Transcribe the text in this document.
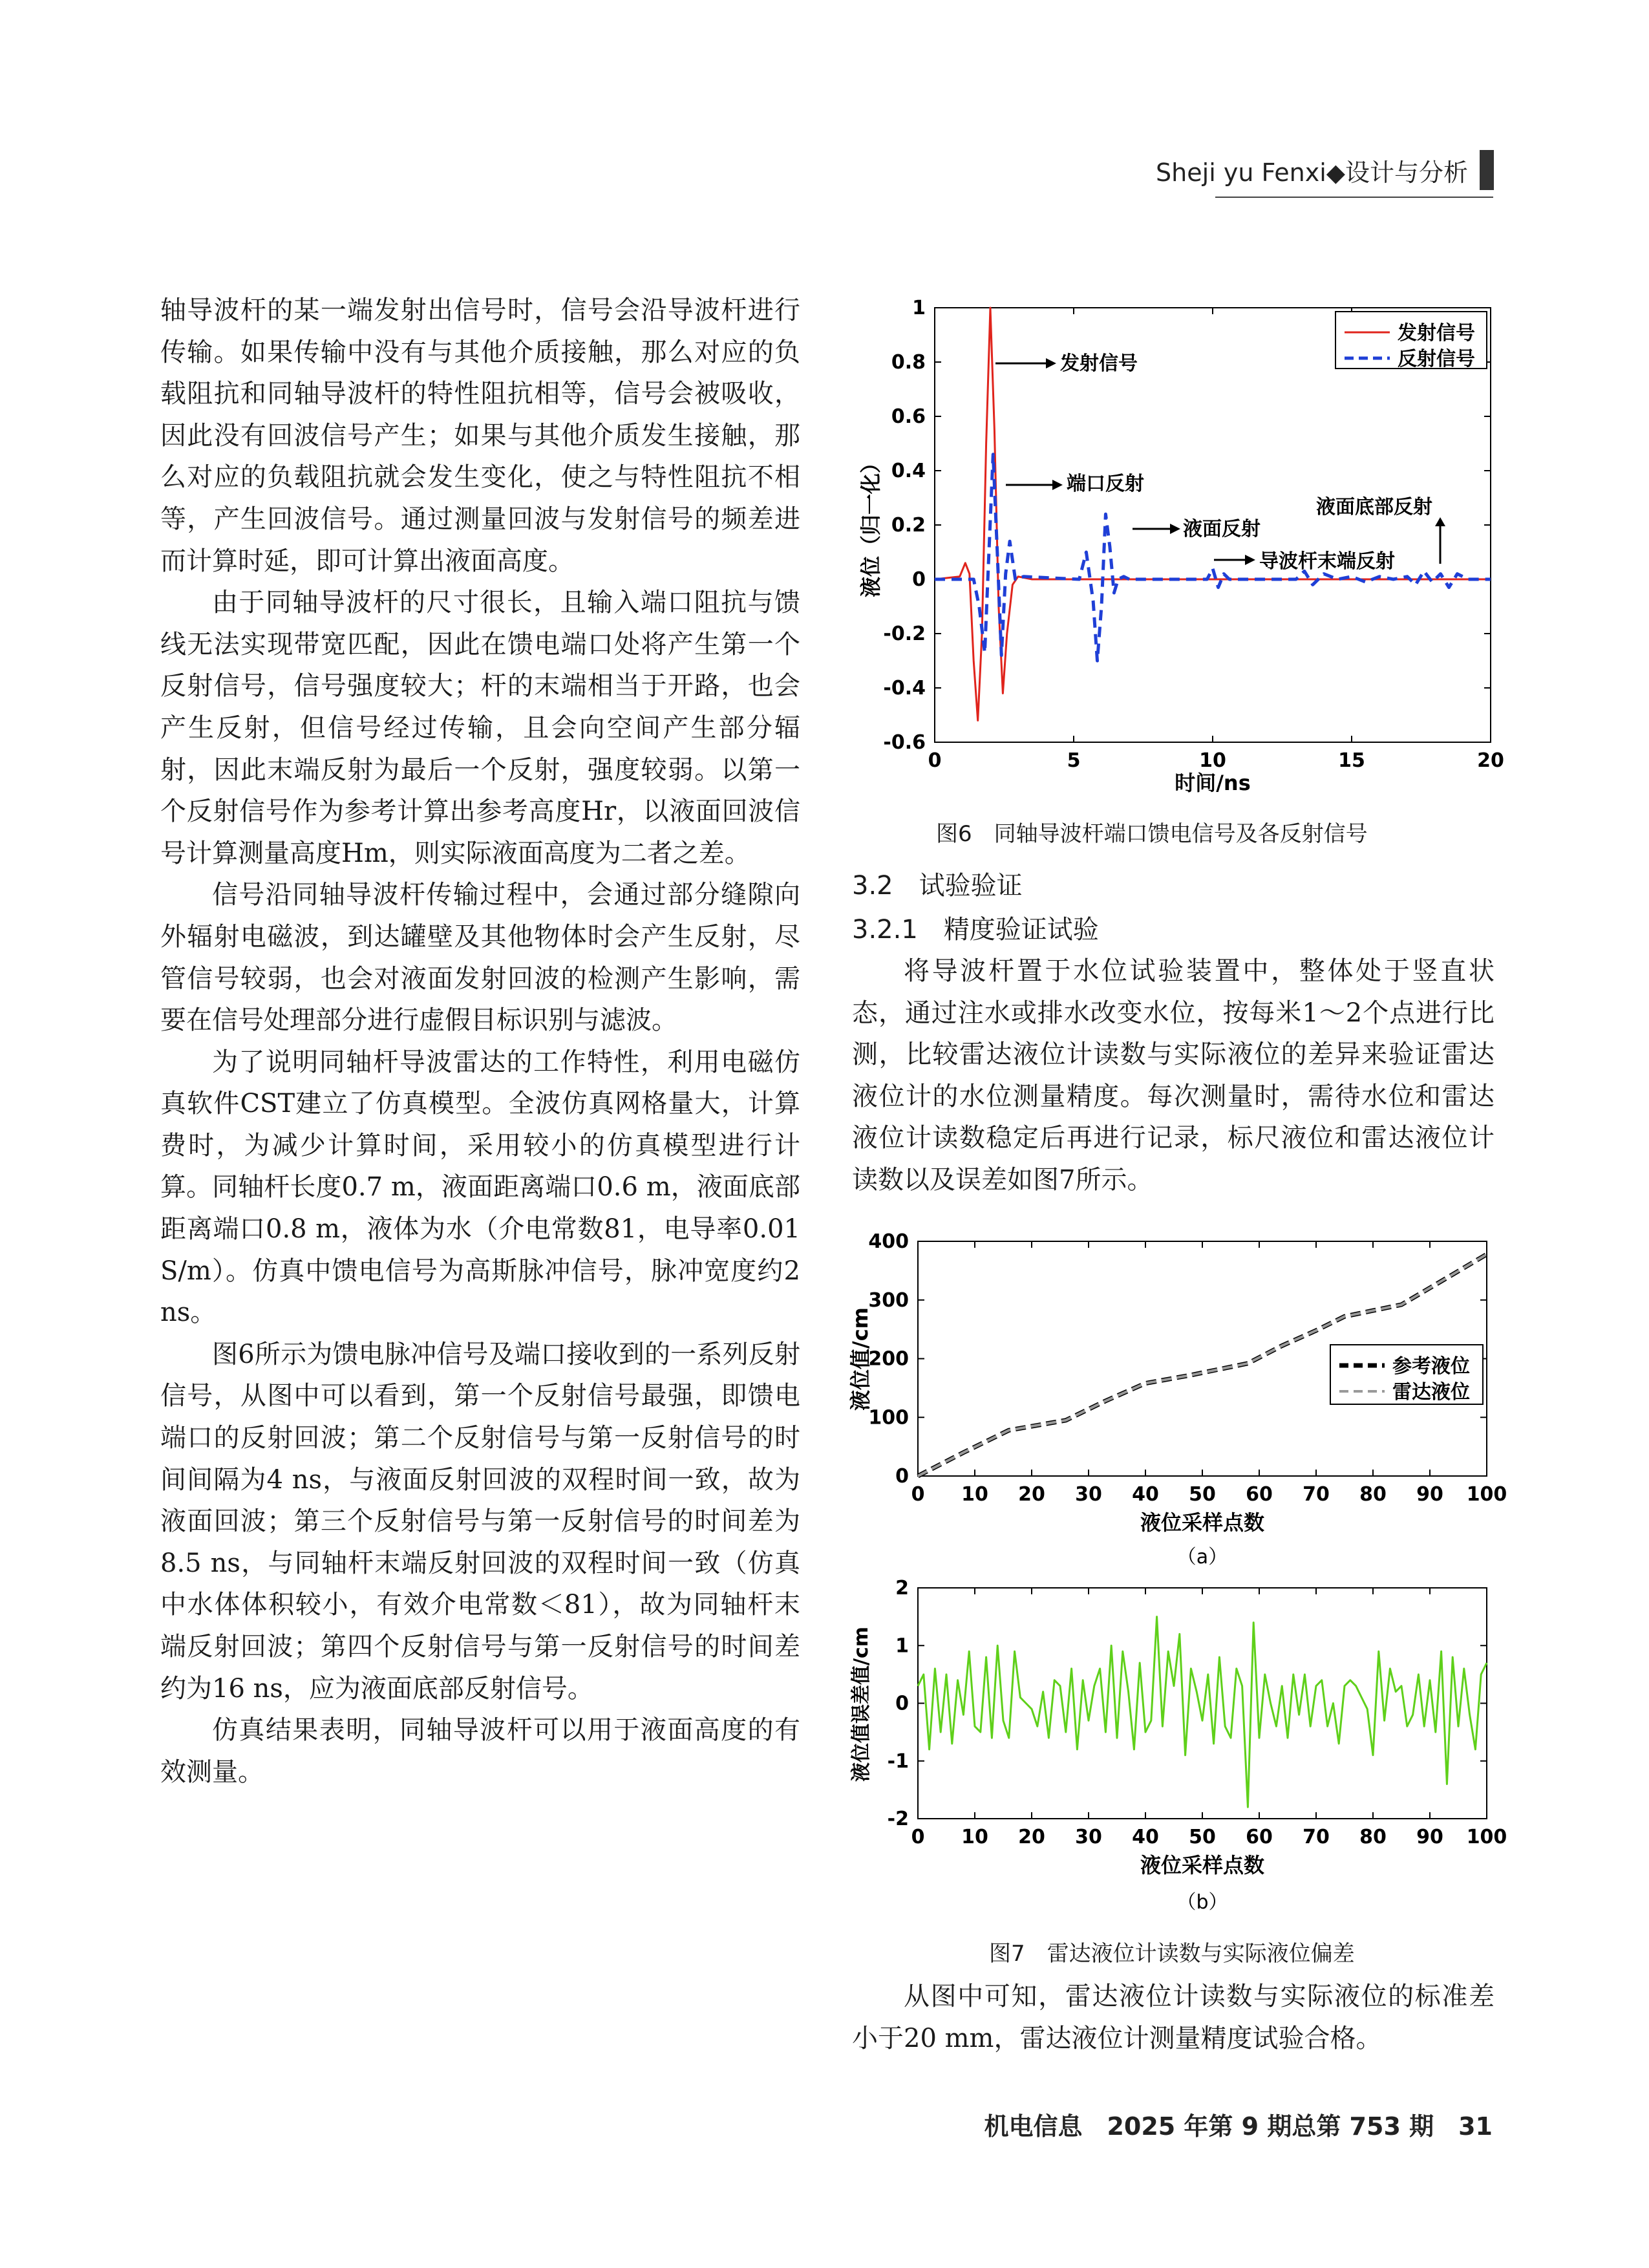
Sheji yu Fenxi◆设计与分析

轴导波杆的某一端发射出信号时，信号会沿导波杆进行传输。如果传输中没有与其他介质接触，那么对应的负载阻抗和同轴导波杆的特性阻抗相等，信号会被吸收，因此没有回波信号产生；如果与其他介质发生接触，那么对应的负载阻抗就会发生变化，使之与特性阻抗不相等，产生回波信号。通过测量回波与发射信号的频差进而计算时延，即可计算出液面高度。

由于同轴导波杆的尺寸很长，且输入端口阻抗与馈线无法实现带宽匹配，因此在馈电端口处将产生第一个反射信号，信号强度较大；杆的末端相当于开路，也会产生反射，但信号经过传输，且会向空间产生部分辐射，因此末端反射为最后一个反射，强度较弱。以第一个反射信号作为参考计算出参考高度Hr，以液面回波信号计算测量高度Hm，则实际液面高度为二者之差。

信号沿同轴导波杆传输过程中，会通过部分缝隙向外辐射电磁波，到达罐壁及其他物体时会产生反射，尽管信号较弱，也会对液面发射回波的检测产生影响，需要在信号处理部分进行虚假目标识别与滤波。

为了说明同轴杆导波雷达的工作特性，利用电磁仿真软件CST建立了仿真模型。全波仿真网格量大，计算费时，为减少计算时间，采用较小的仿真模型进行计算。同轴杆长度0.7 m，液面距离端口0.6 m，液面底部距离端口0.8 m，液体为水（介电常数81，电导率0.01 S/m）。仿真中馈电信号为高斯脉冲信号，脉冲宽度约2 ns。

图6所示为馈电脉冲信号及端口接收到的一系列反射信号，从图中可以看到，第一个反射信号最强，即馈电端口的反射回波；第二个反射信号与第一反射信号的时间间隔为4 ns，与液面反射回波的双程时间一致，故为液面回波；第三个反射信号与第一反射信号的时间差为8.5 ns，与同轴杆末端反射回波的双程时间一致（仿真中水体体积较小，有效介电常数＜81），故为同轴杆末端反射回波；第四个反射信号与第一反射信号的时间差约为16 ns，应为液面底部反射信号。

仿真结果表明，同轴导波杆可以用于液面高度的有效测量。

0	5	10	15	20
-0.6
-0.4
-0.2
0
0.2
0.4
0.6
0.8
1
发射信号
端口反射
液面反射
液面底部反射
导波杆末端反射
发射信号
反射信号
时间/ns
液位（归一化）
图6　同轴导波杆端口馈电信号及各反射信号
3.2　试验验证
3.2.1　精度验证试验

将导波杆置于水位试验装置中，整体处于竖直状态，通过注水或排水改变水位，按每米1～2个点进行比测，比较雷达液位计读数与实际液位的差异来验证雷达液位计的水位测量精度。每次测量时，需待水位和雷达液位计读数稳定后再进行记录，标尺液位和雷达液位计读数以及误差如图7所示。

0 10 20 30 40 50 60 70 80 90 100
0
100
200
300
400
参考液位
雷达液位
液位采样点数
液位值/cm
（a）
0 10 20 30 40 50 60 70 80 90 100
-2
-1
0
1
2
液位采样点数
液位值误差值/cm
（b）
图7　雷达液位计读数与实际液位偏差

从图中可知，雷达液位计读数与实际液位的标准差小于20 mm，雷达液位计测量精度试验合格。

机电信息　2025 年第 9 期总第 753 期　31
